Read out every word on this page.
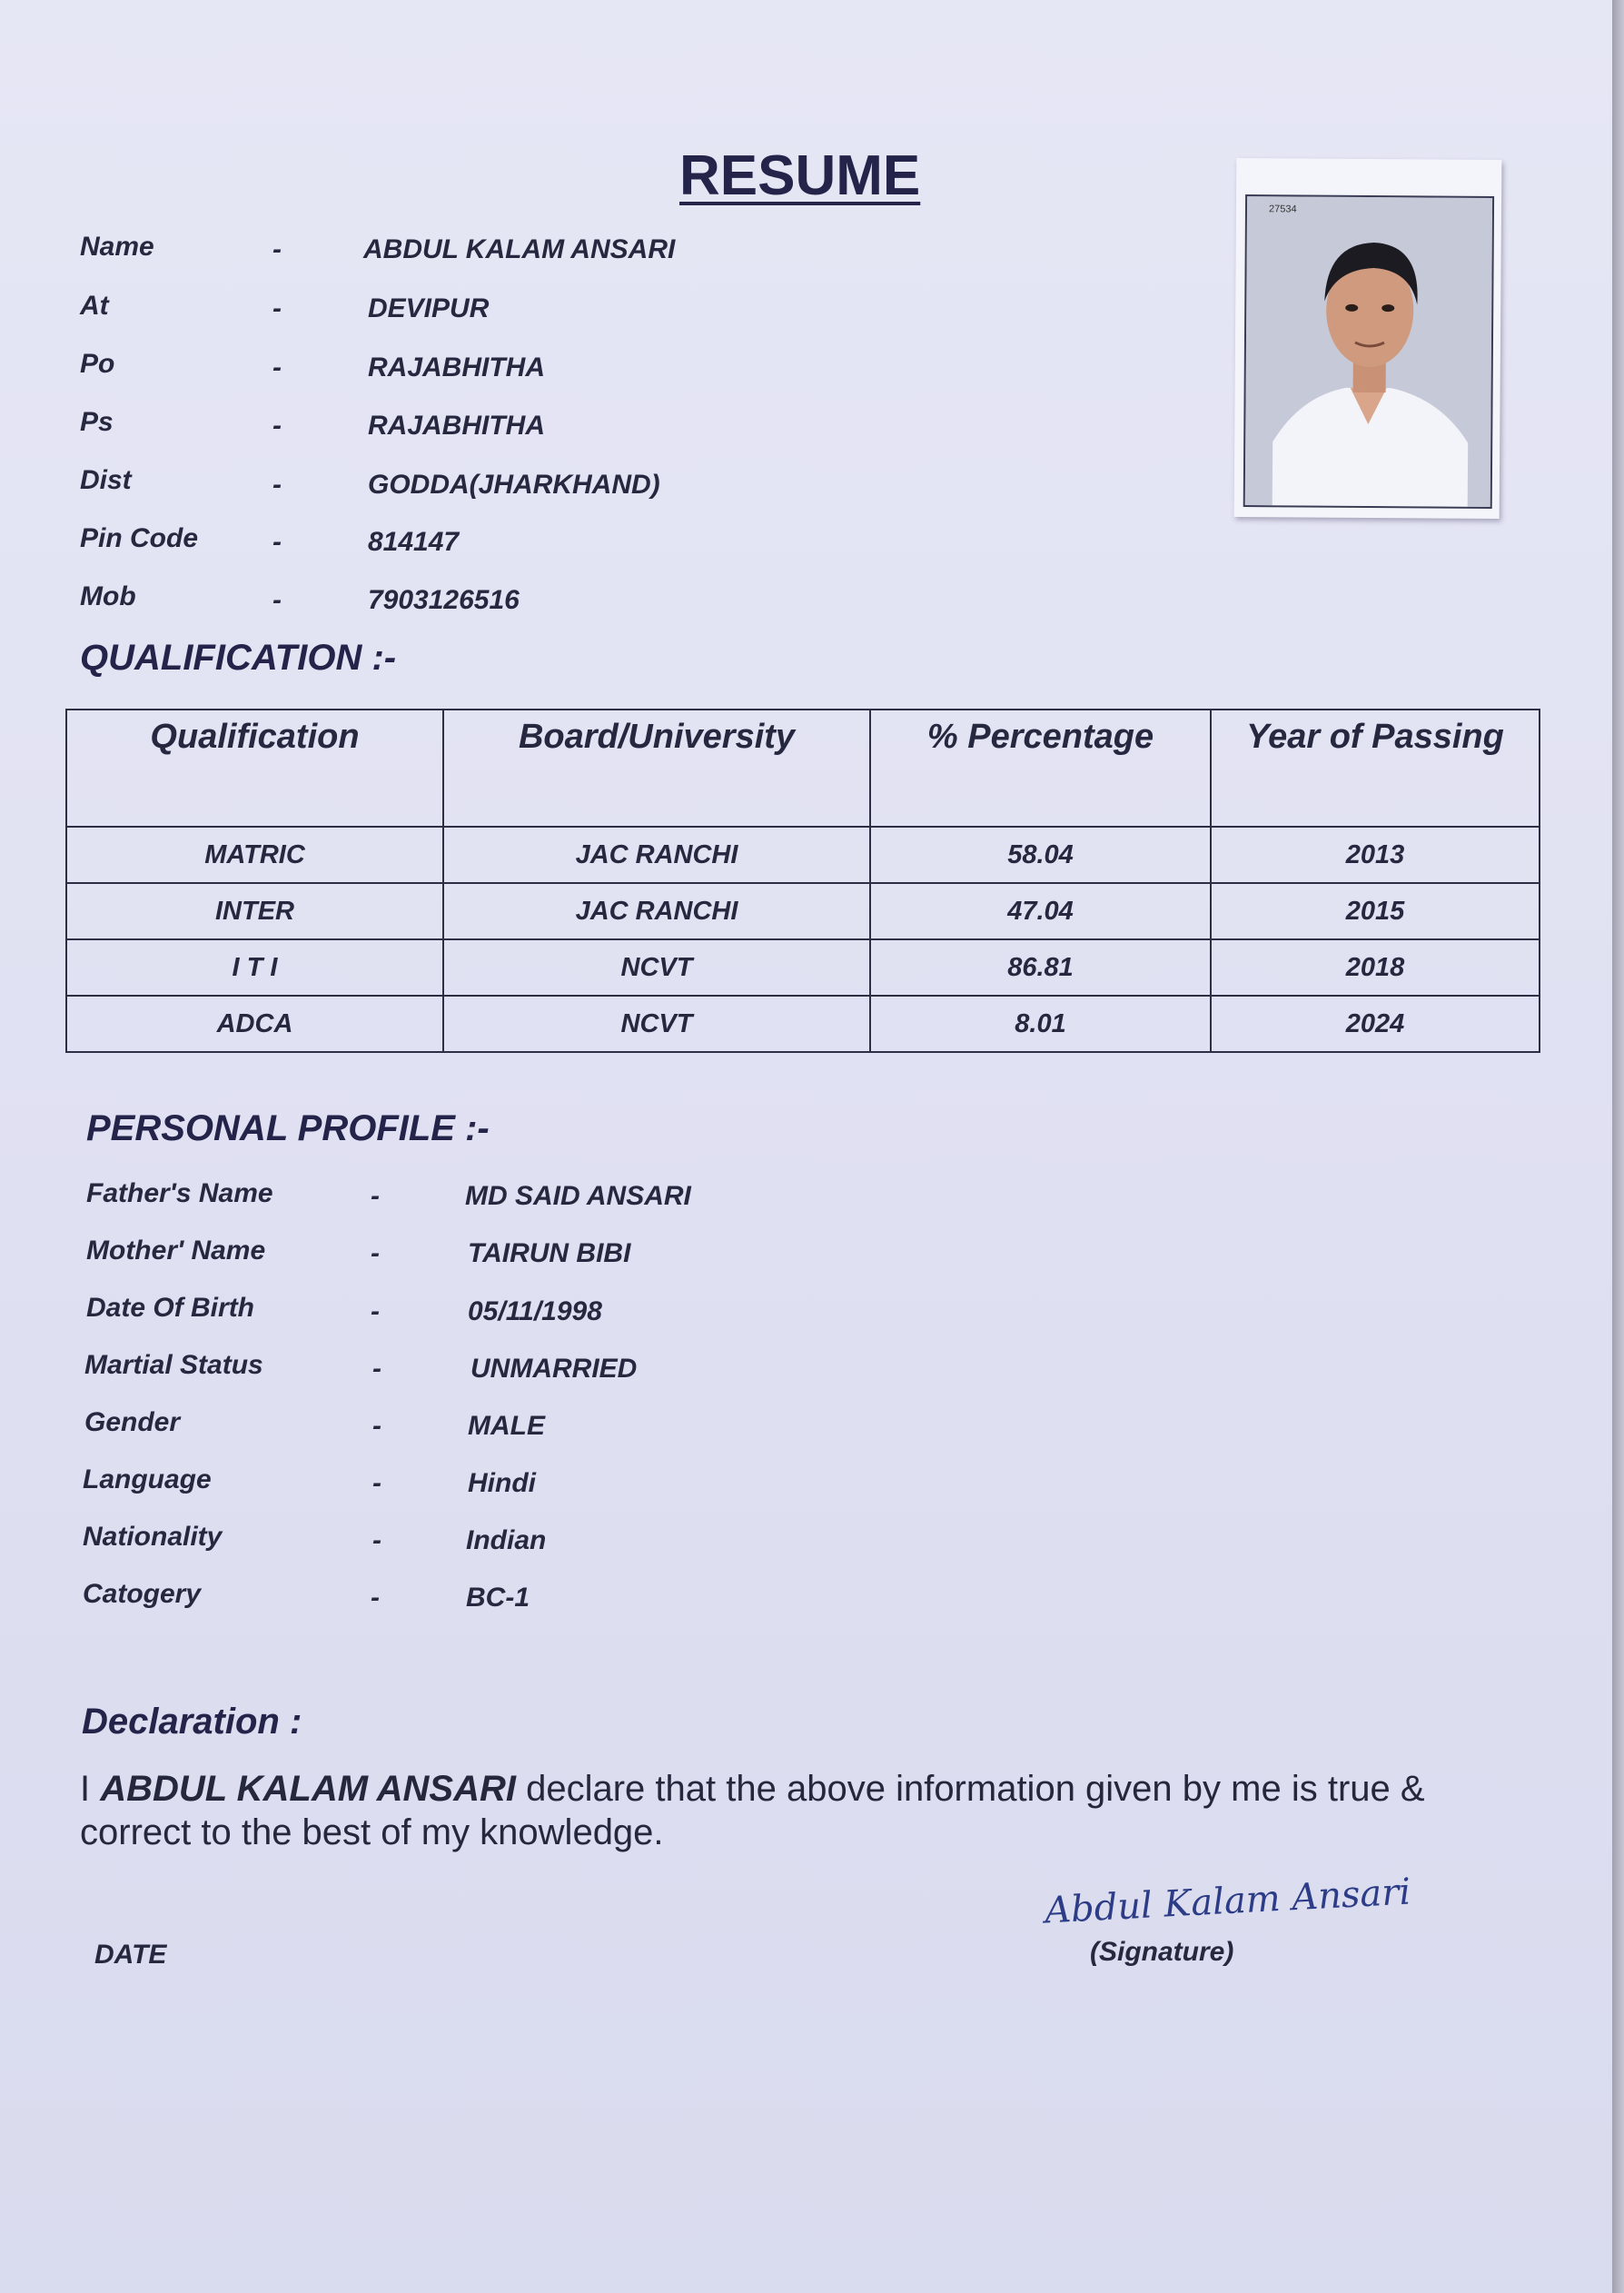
RESUME
Name	-	ABDUL KALAM ANSARI
At	-	DEVIPUR
Po	-	RAJABHITHA
Ps	-	RAJABHITHA
Dist	-	GODDA(JHARKHAND)
Pin Code	-	814147
Mob	-	7903126516
27534
QUALIFICATION :-
Qualification	Board/University	% Percentage	Year of Passing
MATRIC	JAC RANCHI	58.04	2013
INTER	JAC RANCHI	47.04	2015
I T I	NCVT	86.81	2018
ADCA	NCVT	8.01	2024
PERSONAL PROFILE :-
Father's Name	-	MD SAID ANSARI
Mother' Name	-	TAIRUN BIBI
Date Of Birth	-	05/11/1998
Martial Status	-	UNMARRIED
Gender	-	MALE
Language	-	Hindi
Nationality	-	Indian
Catogery	-	BC-1
Declaration :
I ABDUL KALAM ANSARI declare that the above information given by me is true & correct to the best of my knowledge.
DATE
Abdul Kalam Ansari
(Signature)
